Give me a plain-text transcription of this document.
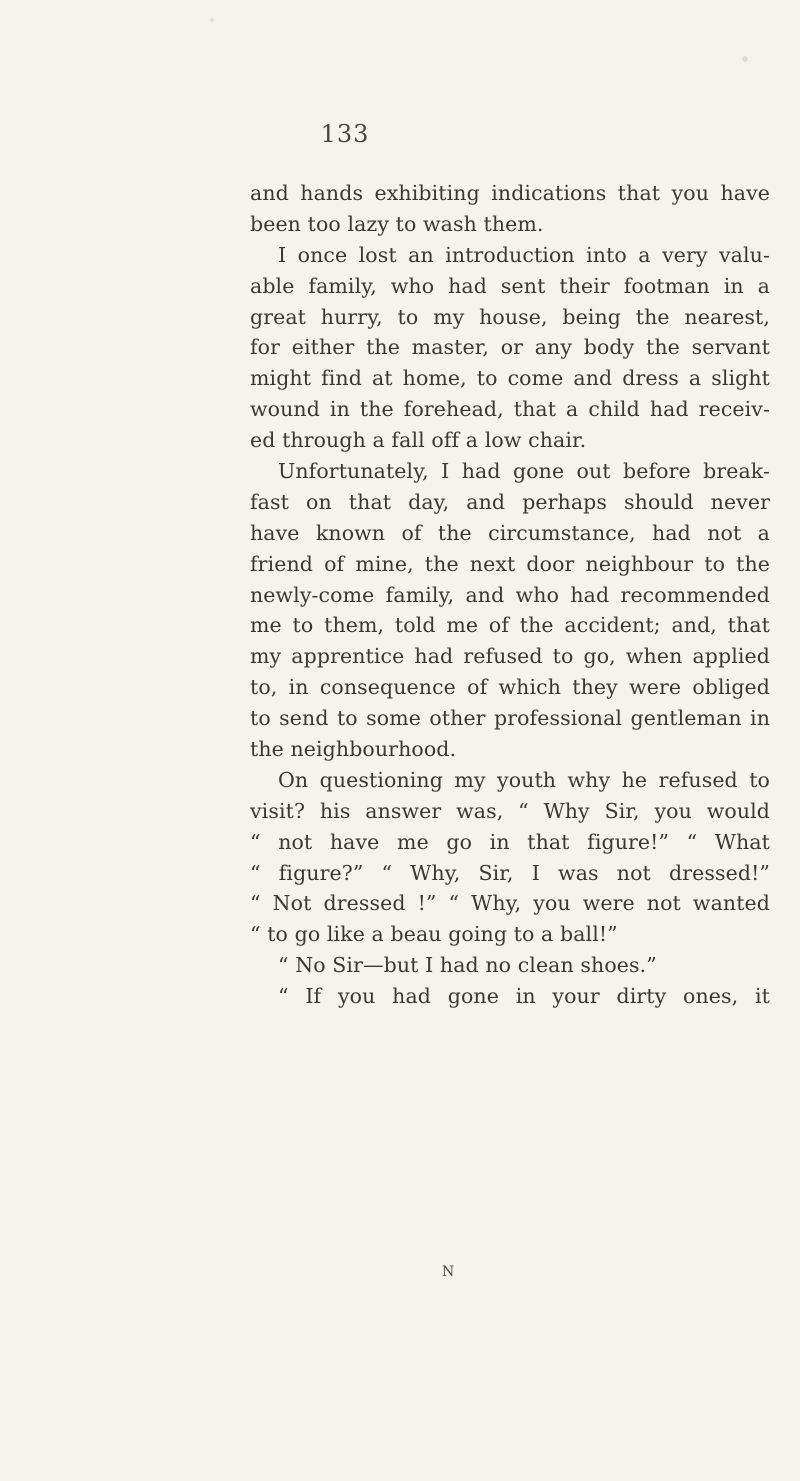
133
and hands exhibiting indications that you have
been too lazy to wash them.
I once lost an introduction into a very valu-
able family, who had sent their footman in a
great hurry, to my house, being the nearest,
for either the master, or any body the servant
might find at home, to come and dress a slight
wound in the forehead, that a child had receiv-
ed through a fall off a low chair.
Unfortunately, I had gone out before break-
fast on that day, and perhaps should never
have known of the circumstance, had not a
friend of mine, the next door neighbour to the
newly-come family, and who had recommended
me to them, told me of the accident; and, that
my apprentice had refused to go, when applied
to, in consequence of which they were obliged
to send to some other professional gentleman in
the neighbourhood.
On questioning my youth why he refused to
visit? his answer was, “ Why Sir, you would
“ not have me go in that figure!” “ What
“ figure?” “ Why, Sir, I was not dressed!”
“ Not dressed !” “ Why, you were not wanted
“ to go like a beau going to a ball!”
“ No Sir—but I had no clean shoes.”
“ If you had gone in your dirty ones, it
N
